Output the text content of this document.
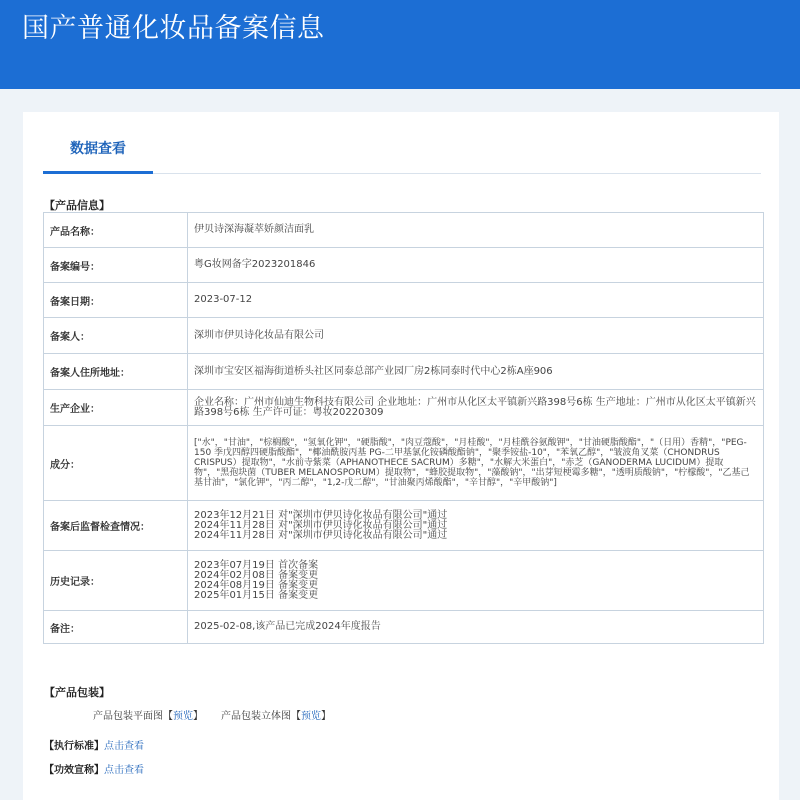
国产普通化妆品备案信息
数据查看
【产品信息】
产品名称：	伊贝诗深海凝萃娇颜洁面乳
备案编号：	粤G妆网备字2023201846
备案日期：	2023-07-12
备案人：	深圳市伊贝诗化妆品有限公司
备案人住所地址：	深圳市宝安区福海街道桥头社区同泰总部产业园厂房2栋同泰时代中心2栋A座906
生产企业：	企业名称：广州市仙迪生物科技有限公司 企业地址：广州市从化区太平镇新兴路398号6栋 生产地址：广州市从化区太平镇新兴路398号6栋 生产许可证：粤妆20220309
成分：	["水"，"甘油"，"棕榈酸"，"氢氧化钾"，"硬脂酸"，"肉豆蔻酸"，"月桂酸"，"月桂酰谷氨酸钾"，"甘油硬脂酸酯"，"（日用）香精"，"PEG-150 季戊四醇四硬脂酸酯"，"椰油酰胺丙基 PG-二甲基氯化铵磷酸酯钠"，"聚季铵盐-10"，"苯氧乙醇"，"皱波角叉菜（CHONDRUS CRISPUS）提取物"，"水前寺紫菜（APHANOTHECE SACRUM）多糖"，"水解大米蛋白"，"赤芝（GANODERMA LUCIDUM）提取物"，"黑孢块菌（TUBER MELANOSPORUM）提取物"，"蜂胶提取物"，"藻酸钠"，"出芽短梗霉多糖"，"透明质酸钠"，"柠檬酸"，"乙基己基甘油"，"氯化钾"，"丙二醇"，"1,2-戊二醇"，"甘油聚丙烯酸酯"，"辛甘醇"，"辛甲酸钠"]
备案后监督检查情况：	2023年12月21日 对"深圳市伊贝诗化妆品有限公司"通过
2024年11月28日 对"深圳市伊贝诗化妆品有限公司"通过
2024年11月28日 对"深圳市伊贝诗化妆品有限公司"通过

历史记录：	2023年07月19日 首次备案
2024年02月08日 备案变更
2024年08月19日 备案变更
2025年01月15日 备案变更

备注：	2025-02-08,该产品已完成2024年度报告
【产品包装】
产品包装平面图【预览】 产品包装立体图【预览】
【执行标准】点击查看
【功效宣称】点击查看
